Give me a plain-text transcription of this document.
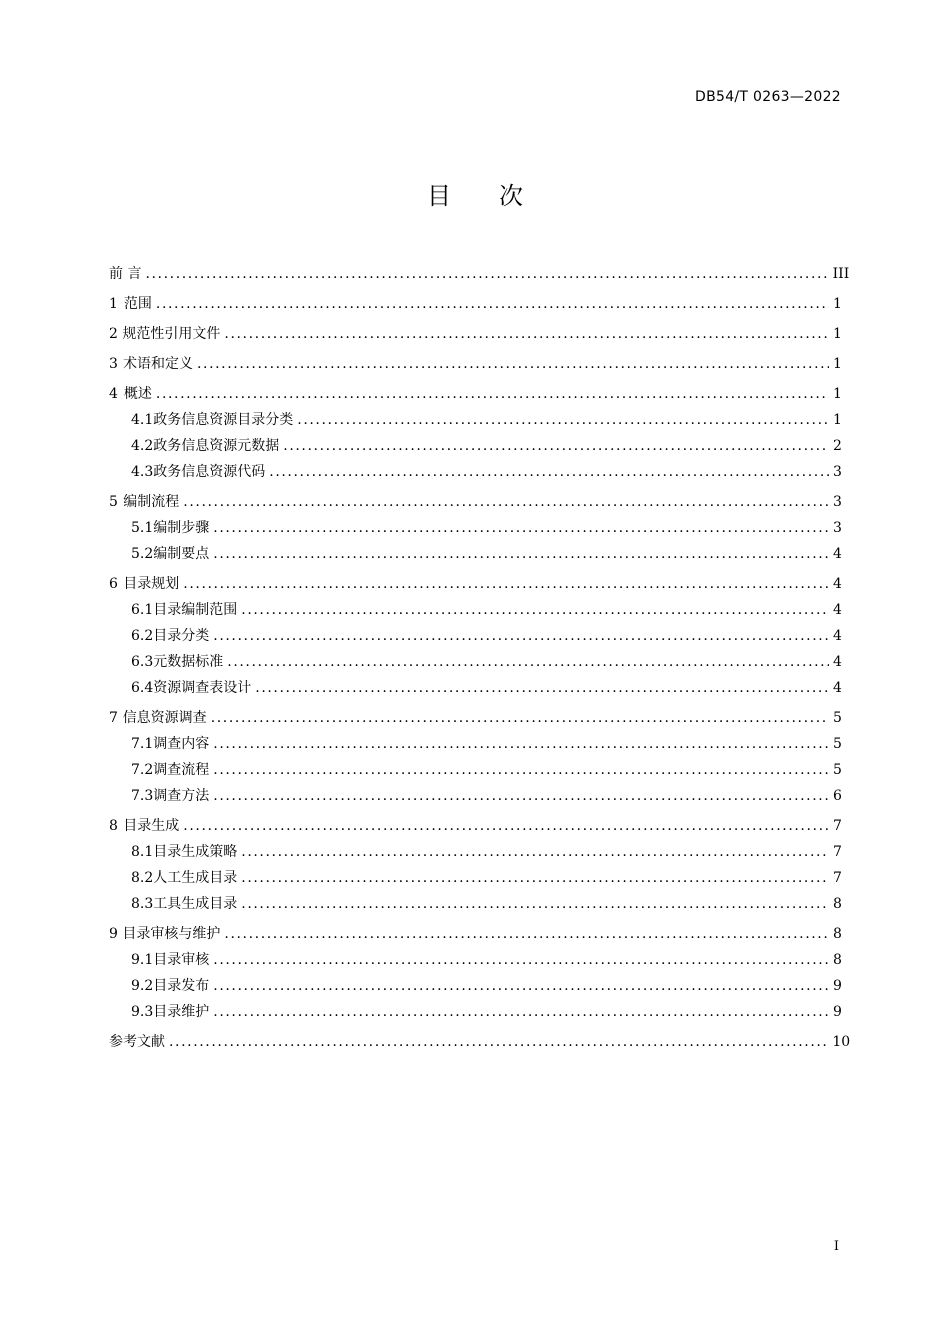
DB54/T 0263—2022
目 次
前 言 .....	III
1 范围 .....	1
2 规范性引用文件 .....	1
3 术语和定义 .....	1
4 概述 .....	1
4.1 政务信息资源目录分类 .....	1
4.2 政务信息资源元数据 .....	2
4.3 政务信息资源代码 .....	3
5 编制流程 .....	3
5.1 编制步骤 .....	3
5.2 编制要点 .....	4
6 目录规划 .....	4
6.1 目录编制范围 .....	4
6.2 目录分类 .....	4
6.3 元数据标准 .....	4
6.4 资源调查表设计 .....	4
7 信息资源调查 .....	5
7.1 调查内容 .....	5
7.2 调查流程 .....	5
7.3 调查方法 .....	6
8 目录生成 .....	7
8.1 目录生成策略 .....	7
8.2 人工生成目录 .....	7
8.3 工具生成目录 .....	8
9 目录审核与维护 .....	8
9.1 目录审核 .....	8
9.2 目录发布 .....	9
9.3 目录维护 .....	9
参考文献 .....	10
I
